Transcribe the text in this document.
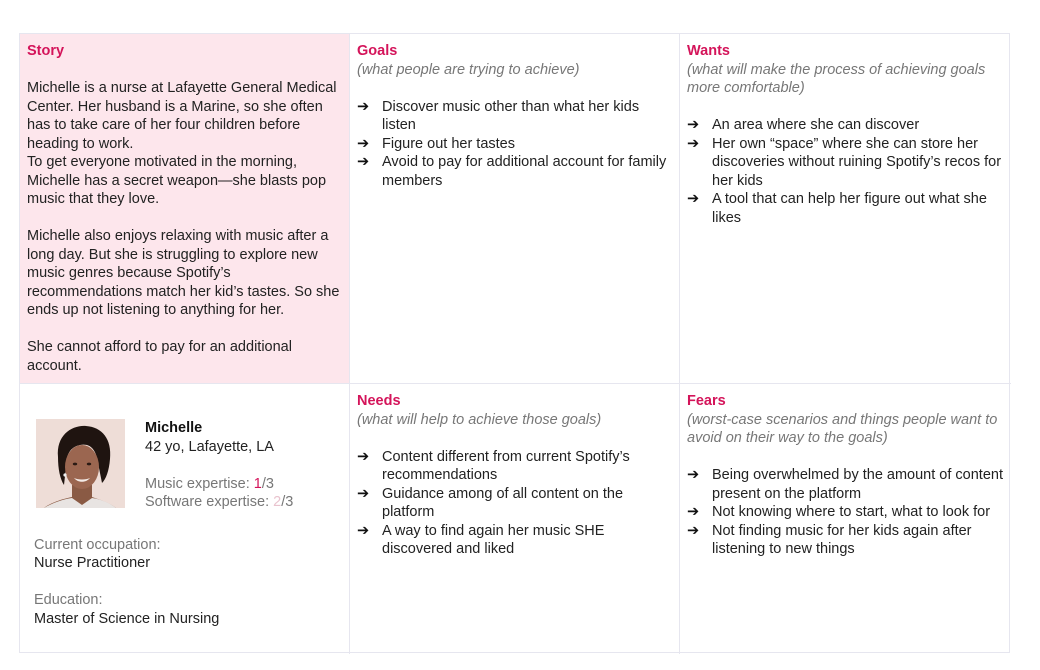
Story

Michelle is a nurse at Lafayette General Medical Center. Her husband is a Marine, so she often has to take care of her four children before heading to work.

To get everyone motivated in the morning, Michelle has a secret weapon—she blasts pop music that they love.

Michelle also enjoys relaxing with music after a long day. But she is struggling to explore new music genres because Spotify’s recommendations match her kid’s tastes. So she ends up not listening to anything for her.

She cannot afford to pay for an additional account.

Goals
(what people are trying to achieve)
➔ Discover music other than what her kids listen
➔ Figure out her tastes
➔ Avoid to pay for additional account for family members
Wants
(what will make the process of achieving goals more comfortable)
➔ An area where she can discover
➔ Her own “space” where she can store her discoveries without ruining Spotify’s recos for her kids
➔ A tool that can help her figure out what she likes
Michelle
42 yo, Lafayette, LA
Music expertise: 1/3
Software expertise: 2/3
Current occupation:
Nurse Practitioner
Education:
Master of Science in Nursing
Needs
(what will help to achieve those goals)
➔ Content different from current Spotify’s recommendations
➔ Guidance among of all content on the platform
➔ A way to find again her music SHE discovered and liked
Fears
(worst-case scenarios and things people want to avoid on their way to the goals)
➔ Being overwhelmed by the amount of content present on the platform
➔ Not knowing where to start, what to look for
➔ Not finding music for her kids again after listening to new things
